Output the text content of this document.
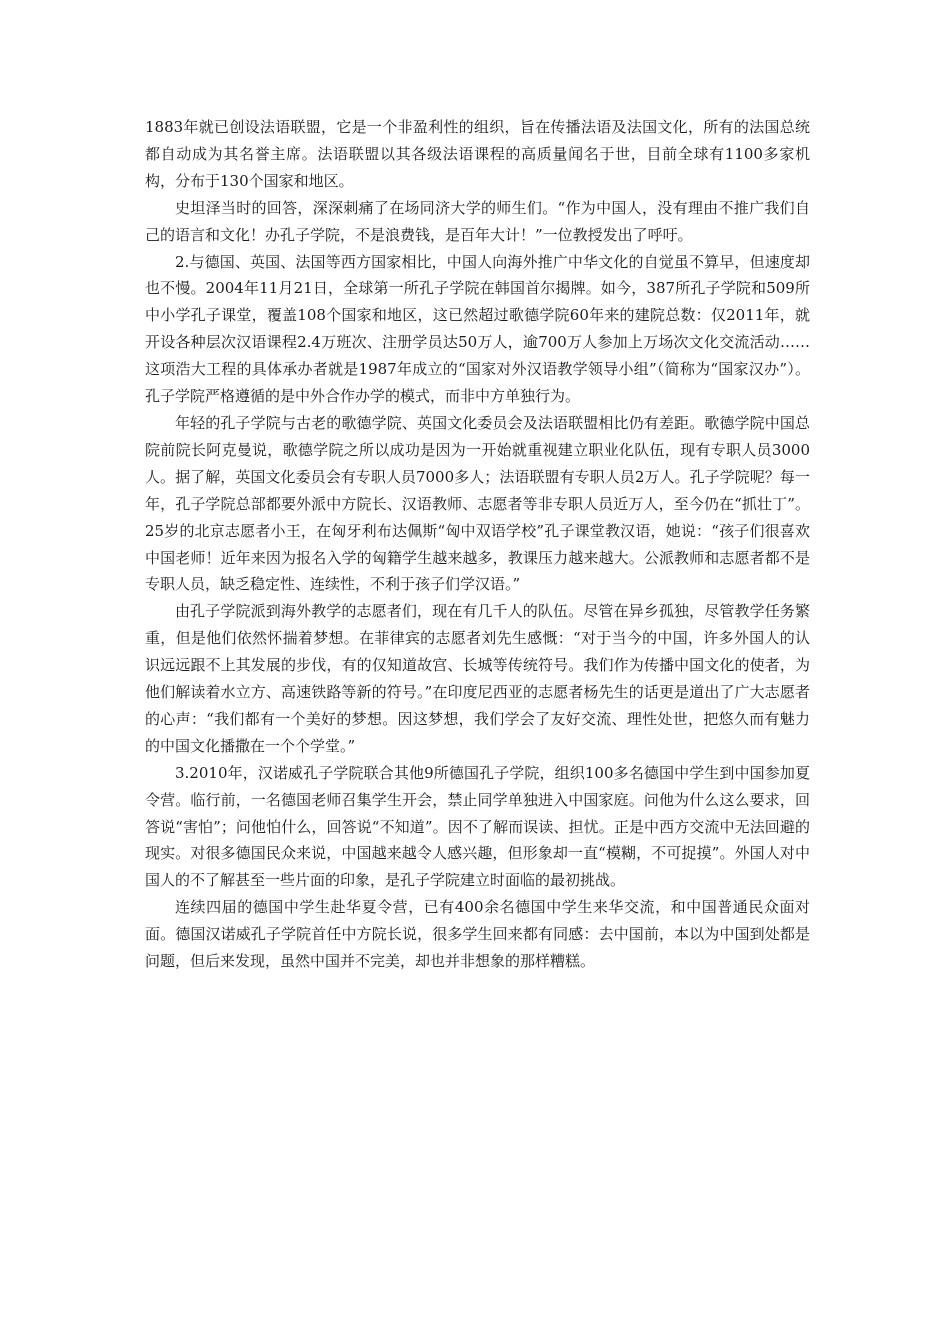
1883年就已创设法语联盟，它是一个非盈利性的组织，旨在传播法语及法国文化，所有的法国总统都自动成为其名誉主席。法语联盟以其各级法语课程的高质量闻名于世，目前全球有1100多家机构，分布于130个国家和地区。

史坦泽当时的回答，深深刺痛了在场同济大学的师生们。“作为中国人，没有理由不推广我们自己的语言和文化！办孔子学院，不是浪费钱，是百年大计！”一位教授发出了呼吁。

2.与德国、英国、法国等西方国家相比，中国人向海外推广中华文化的自觉虽不算早，但速度却也不慢。2004年11月21日，全球第一所孔子学院在韩国首尔揭牌。如今，387所孔子学院和509所中小学孔子课堂，覆盖108个国家和地区，这已然超过歌德学院60年来的建院总数：仅2011年，就开设各种层次汉语课程2.4万班次、注册学员达50万人，逾700万人参加上万场次文化交流活动……这项浩大工程的具体承办者就是1987年成立的“国家对外汉语教学领导小组”（简称为“国家汉办”）。孔子学院严格遵循的是中外合作办学的模式，而非中方单独行为。

年轻的孔子学院与古老的歌德学院、英国文化委员会及法语联盟相比仍有差距。歌德学院中国总院前院长阿克曼说，歌德学院之所以成功是因为一开始就重视建立职业化队伍，现有专职人员3000人。据了解，英国文化委员会有专职人员7000多人；法语联盟有专职人员2万人。孔子学院呢？每一年，孔子学院总部都要外派中方院长、汉语教师、志愿者等非专职人员近万人，至今仍在“抓壮丁”。25岁的北京志愿者小王，在匈牙利布达佩斯“匈中双语学校”孔子课堂教汉语，她说：“孩子们很喜欢中国老师！近年来因为报名入学的匈籍学生越来越多，教课压力越来越大。公派教师和志愿者都不是专职人员，缺乏稳定性、连续性，不利于孩子们学汉语。”

由孔子学院派到海外教学的志愿者们，现在有几千人的队伍。尽管在异乡孤独，尽管教学任务繁重，但是他们依然怀揣着梦想。在菲律宾的志愿者刘先生感慨：“对于当今的中国，许多外国人的认识远远跟不上其发展的步伐，有的仅知道故宫、长城等传统符号。我们作为传播中国文化的使者，为他们解读着水立方、高速铁路等新的符号。”在印度尼西亚的志愿者杨先生的话更是道出了广大志愿者的心声：“我们都有一个美好的梦想。因这梦想，我们学会了友好交流、理性处世，把悠久而有魅力的中国文化播撒在一个个学堂。”

3.2010年，汉诺威孔子学院联合其他9所德国孔子学院，组织100多名德国中学生到中国参加夏令营。临行前，一名德国老师召集学生开会，禁止同学单独进入中国家庭。问他为什么这么要求，回答说“害怕”；问他怕什么，回答说“不知道”。因不了解而误读、担忧。正是中西方交流中无法回避的现实。对很多德国民众来说，中国越来越令人感兴趣，但形象却一直“模糊，不可捉摸”。外国人对中国人的不了解甚至一些片面的印象，是孔子学院建立时面临的最初挑战。

连续四届的德国中学生赴华夏令营，已有400余名德国中学生来华交流，和中国普通民众面对面。德国汉诺威孔子学院首任中方院长说，很多学生回来都有同感：去中国前，本以为中国到处都是问题，但后来发现，虽然中国并不完美，却也并非想象的那样糟糕。
